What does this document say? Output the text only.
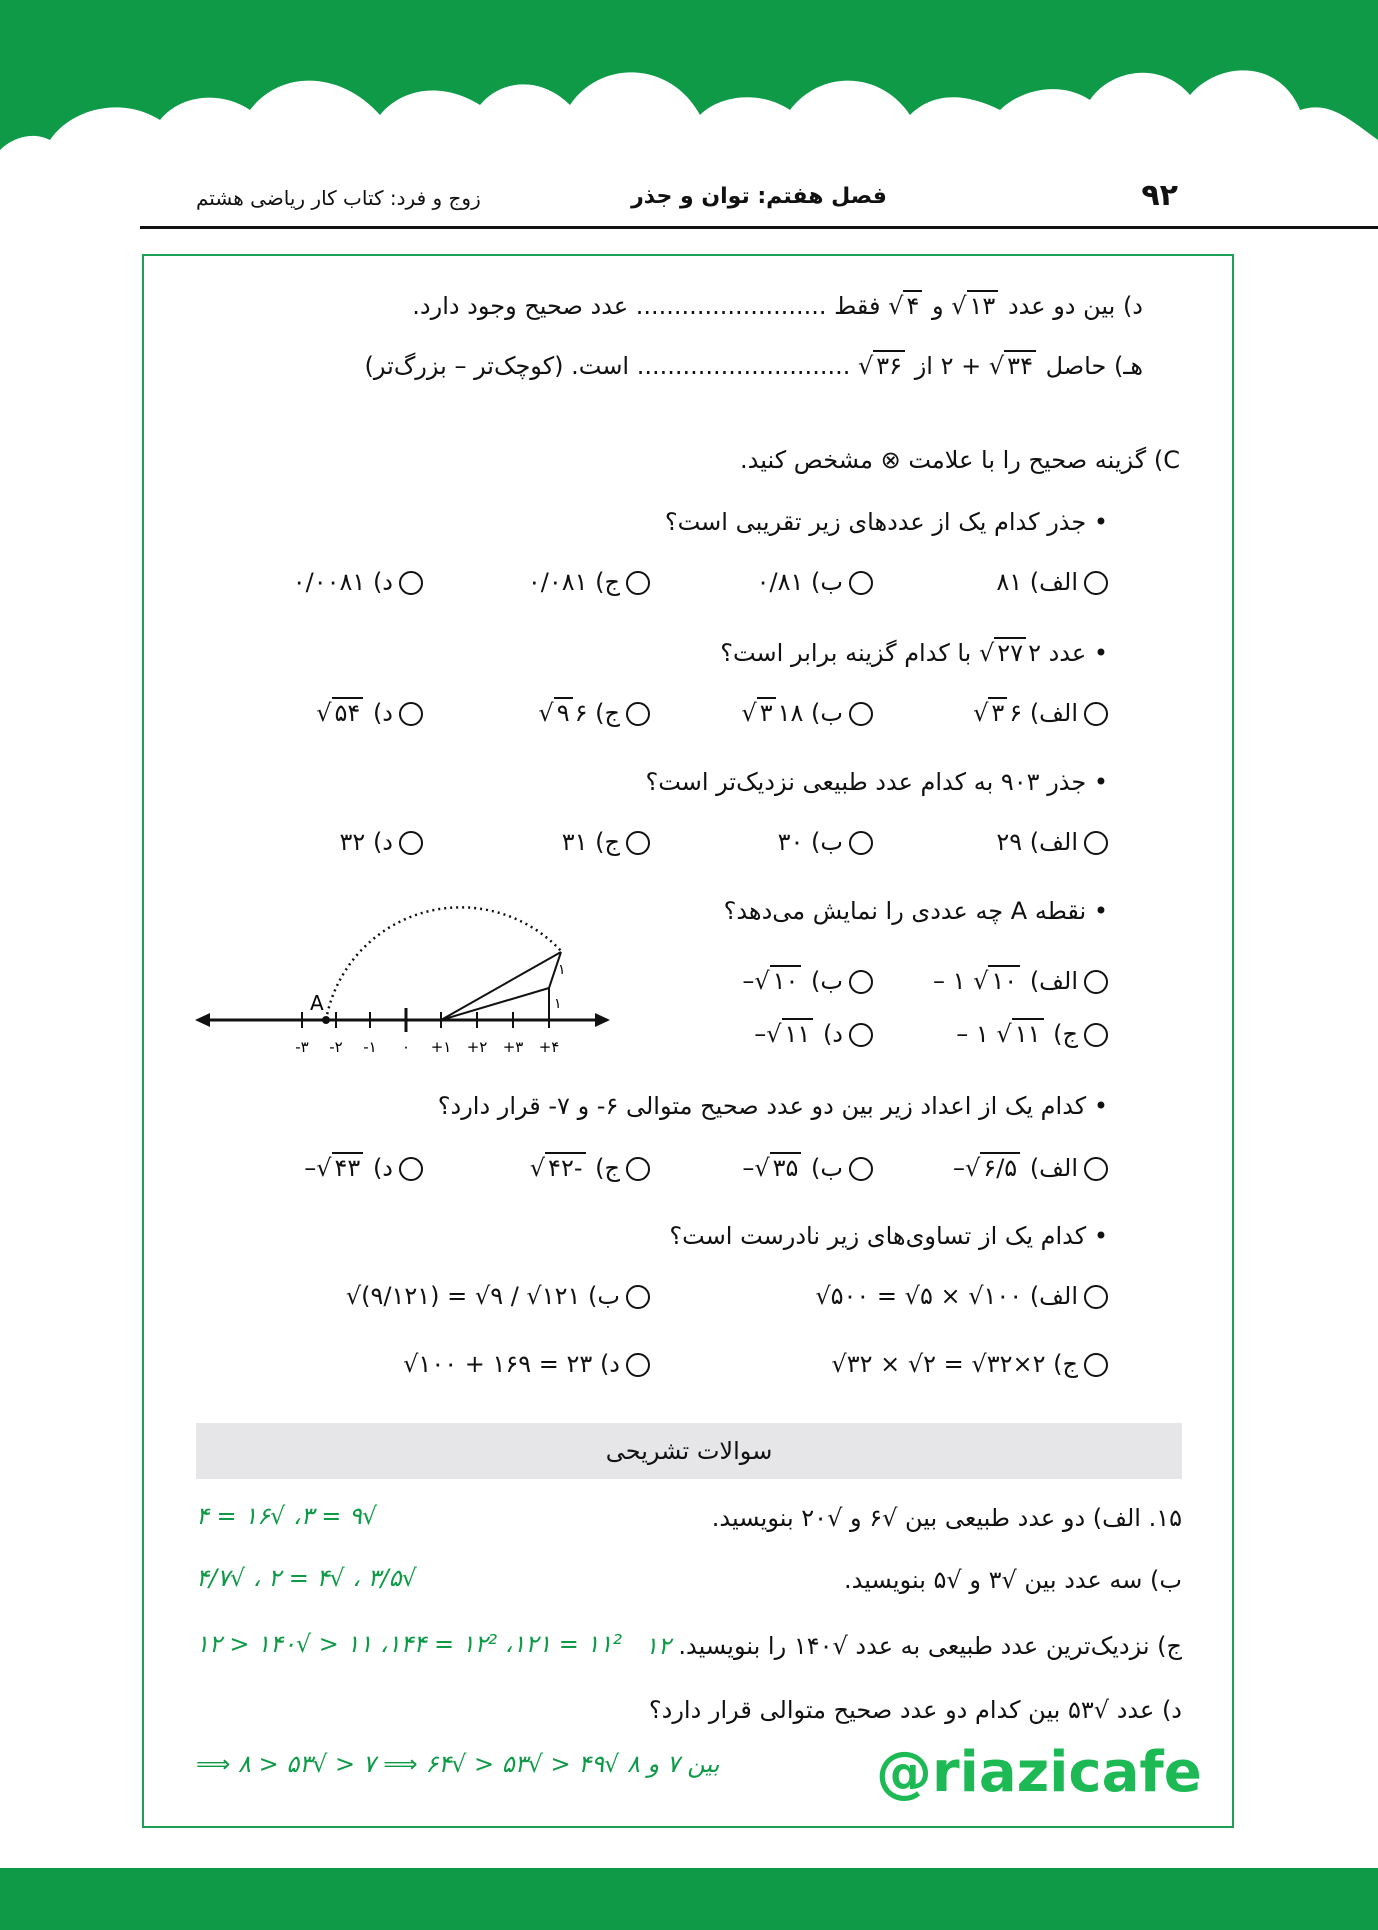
۹۲
فصل هفتم: توان و جذر
زوج و فرد: کتاب کار ریاضی هشتم
د) بین دو عدد ۱۳√ و ۴√ فقط ......................... عدد صحیح وجود دارد.
هـ) حاصل ۳۴√ + ۲ از ۳۶√ ............................ است. (کوچک‌تر – بزرگ‌تر)
C) گزینه صحیح را با علامت ⊗ مشخص کنید.
• جذر کدام یک از عددهای زیر تقریبی است؟
الف) ۸۱
ب) ۰/۸۱
ج) ۰/۰۸۱
د) ۰/۰۰۸۱
• عدد ۲۲۷√ با کدام گزینه برابر است؟
الف) ۶۳√
ب) ۱۸۳√
ج) ۶۹√
د) ۵۴√
• جذر ۹۰۳ به کدام عدد طبیعی نزدیک‌تر است؟
الف) ۲۹
ب) ۳۰
ج) ۳۱
د) ۳۲
• نقطه A چه عددی را نمایش می‌دهد؟
الف) ۱۰√ ۱ –
ب) ۱۰√–
ج) ۱۱√ ۱ –
د) ۱۱√–
A
۱
۱
-۳ -۲ -۱ ۰ +۱ +۲ +۳ +۴
• کدام یک از اعداد زیر بین دو عدد صحیح متوالی ۶- و ۷- قرار دارد؟
الف) ۶/۵√–
ب) ۳۵√–
ج) -۴۲√
د) ۴۳√–
• کدام یک از تساوی‌های زیر نادرست است؟
الف) √۵۰۰ = √۵ × √۱۰۰
ب) √(۹/۱۲۱) = √۹ / √۱۲۱
ج) √۳۲ × √۲ = √۳۲×۲
د) √۱۰۰ + ۱۶۹ = ۲۳
سوالات تشریحی
۱۵. الف) دو عدد طبیعی بین √۶ و √۲۰ بنویسید.
√۹ = ۳، √۱۶ = ۴
ب) سه عدد بین √۳ و √۵ بنویسید.
√۳/۵ ، √۴ = ۲ ، √۴/۷
ج) نزدیک‌ترین عدد طبیعی به عدد √۱۴۰ را بنویسید. ۱۲
۱۱² = ۱۲۱، ۱۲² = ۱۴۴، ۱۱ < √۱۴۰ < ۱۲
د) عدد √۵۳ بین کدام دو عدد صحیح متوالی قرار دارد؟
بین ۷ و ۸ √۴۹ < √۵۳ < √۶۴ ⟹ ۷ < √۵۳ < ۸ ⟹	@riazicafe
